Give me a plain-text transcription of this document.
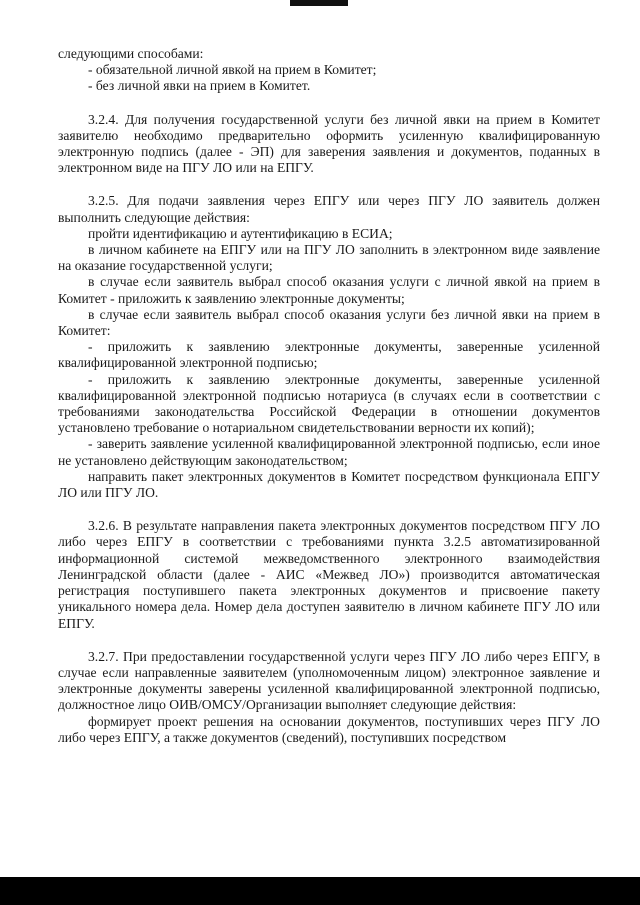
следующими способами:

- обязательной личной явкой на прием в Комитет;

- без личной явки на прием в Комитет.

3.2.4. Для получения государственной услуги без личной явки на прием в Комитет заявителю необходимо предварительно оформить усиленную квалифицированную электронную подпись (далее - ЭП) для заверения заявления и документов, поданных в электронном виде на ПГУ ЛО или на ЕПГУ.

3.2.5. Для подачи заявления через ЕПГУ или через ПГУ ЛО заявитель должен выполнить следующие действия:

пройти идентификацию и аутентификацию в ЕСИА;

в личном кабинете на ЕПГУ или на ПГУ ЛО заполнить в электронном виде заявление на оказание государственной услуги;

в случае если заявитель выбрал способ оказания услуги с личной явкой на прием в Комитет - приложить к заявлению электронные документы;

в случае если заявитель выбрал способ оказания услуги без личной явки на прием в Комитет:

- приложить к заявлению электронные документы, заверенные усиленной квалифицированной электронной подписью;

- приложить к заявлению электронные документы, заверенные усиленной квалифицированной электронной подписью нотариуса (в случаях если в соответствии с требованиями законодательства Российской Федерации в отношении документов установлено требование о нотариальном свидетельствовании верности их копий);

- заверить заявление усиленной квалифицированной электронной подписью, если иное не установлено действующим законодательством;

направить пакет электронных документов в Комитет посредством функционала ЕПГУ ЛО или ПГУ ЛО.

3.2.6. В результате направления пакета электронных документов посредством ПГУ ЛО либо через ЕПГУ в соответствии с требованиями пункта 3.2.5 автоматизированной информационной системой межведомственного электронного взаимодействия Ленинградской области (далее - АИС «Межвед ЛО») производится автоматическая регистрация поступившего пакета электронных документов и присвоение пакету уникального номера дела. Номер дела доступен заявителю в личном кабинете ПГУ ЛО или ЕПГУ.

3.2.7. При предоставлении государственной услуги через ПГУ ЛО либо через ЕПГУ, в случае если направленные заявителем (уполномоченным лицом) электронное заявление и электронные документы заверены усиленной квалифицированной электронной подписью, должностное лицо ОИВ/ОМСУ/Организации выполняет следующие действия:

формирует проект решения на основании документов, поступивших через ПГУ ЛО либо через ЕПГУ, а также документов (сведений), поступивших посредством
